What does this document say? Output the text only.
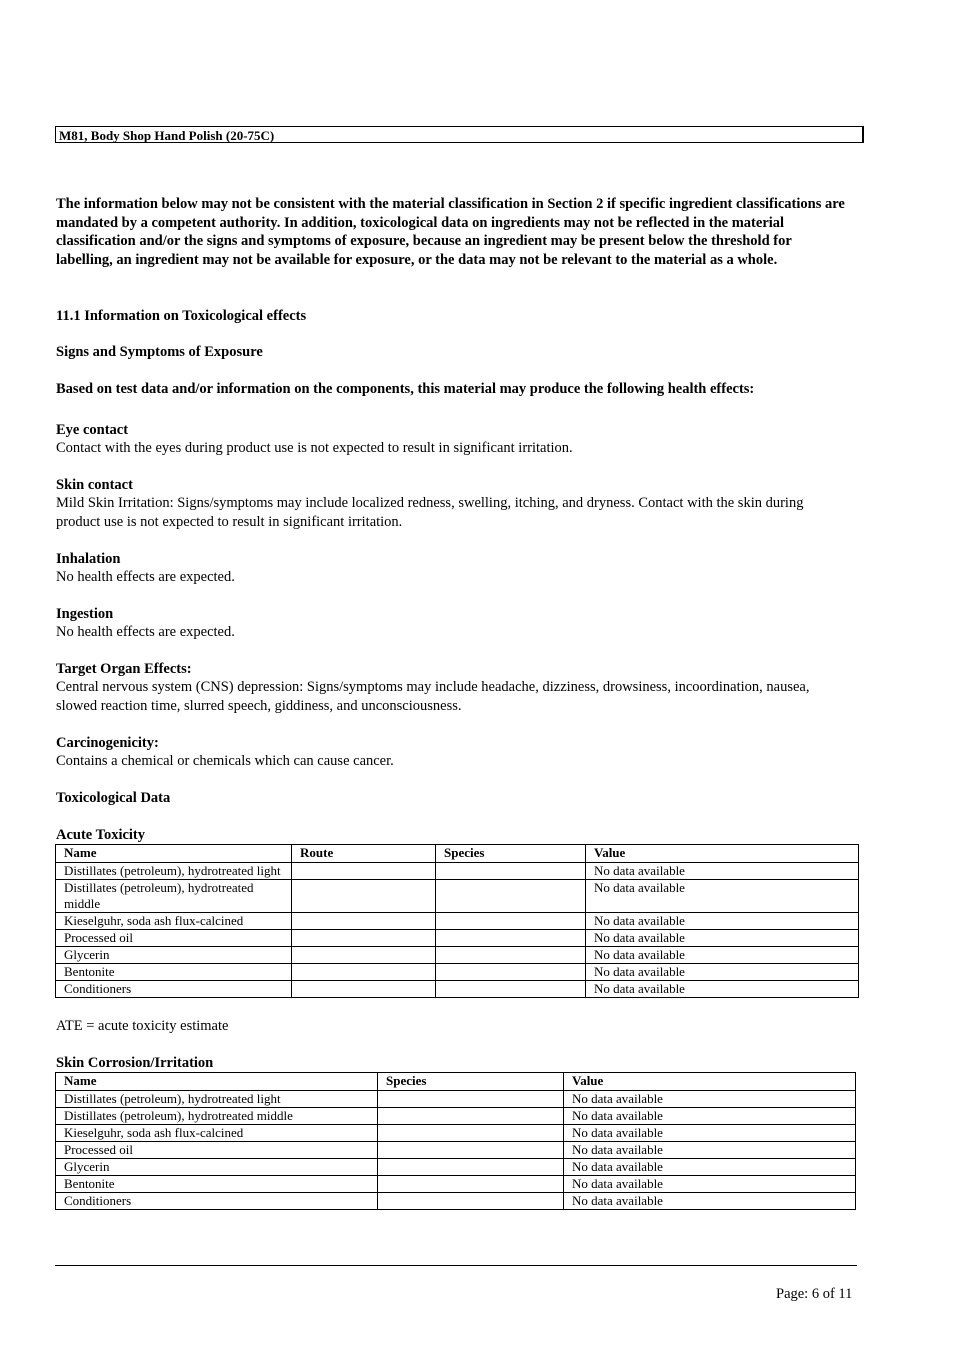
M81, Body Shop Hand Polish (20-75C)
The information below may not be consistent with the material classification in Section 2 if specific ingredient classifications are mandated by a competent authority. In addition, toxicological data on ingredients may not be reflected in the material classification and/or the signs and symptoms of exposure, because an ingredient may be present below the threshold for labelling, an ingredient may not be available for exposure, or the data may not be relevant to the material as a whole.
11.1 Information on Toxicological effects
Signs and Symptoms of Exposure
Based on test data and/or information on the components, this material may produce the following health effects:
Eye contact
Contact with the eyes during product use is not expected to result in significant irritation.
Skin contact
Mild Skin Irritation: Signs/symptoms may include localized redness, swelling, itching, and dryness. Contact with the skin during product use is not expected to result in significant irritation.
Inhalation
No health effects are expected.
Ingestion
No health effects are expected.
Target Organ Effects:
Central nervous system (CNS) depression: Signs/symptoms may include headache, dizziness, drowsiness, incoordination, nausea, slowed reaction time, slurred speech, giddiness, and unconsciousness.
Carcinogenicity:
Contains a chemical or chemicals which can cause cancer.
Toxicological Data
Acute Toxicity
Name	Route	Species	Value
Distillates (petroleum), hydrotreated light			No data available
Distillates (petroleum), hydrotreated middle			No data available
Kieselguhr, soda ash flux-calcined			No data available
Processed oil			No data available
Glycerin			No data available
Bentonite			No data available
Conditioners			No data available
ATE = acute toxicity estimate
Skin Corrosion/Irritation
Name	Species	Value
Distillates (petroleum), hydrotreated light		No data available
Distillates (petroleum), hydrotreated middle		No data available
Kieselguhr, soda ash flux-calcined		No data available
Processed oil		No data available
Glycerin		No data available
Bentonite		No data available
Conditioners		No data available
Page: 6 of 11
